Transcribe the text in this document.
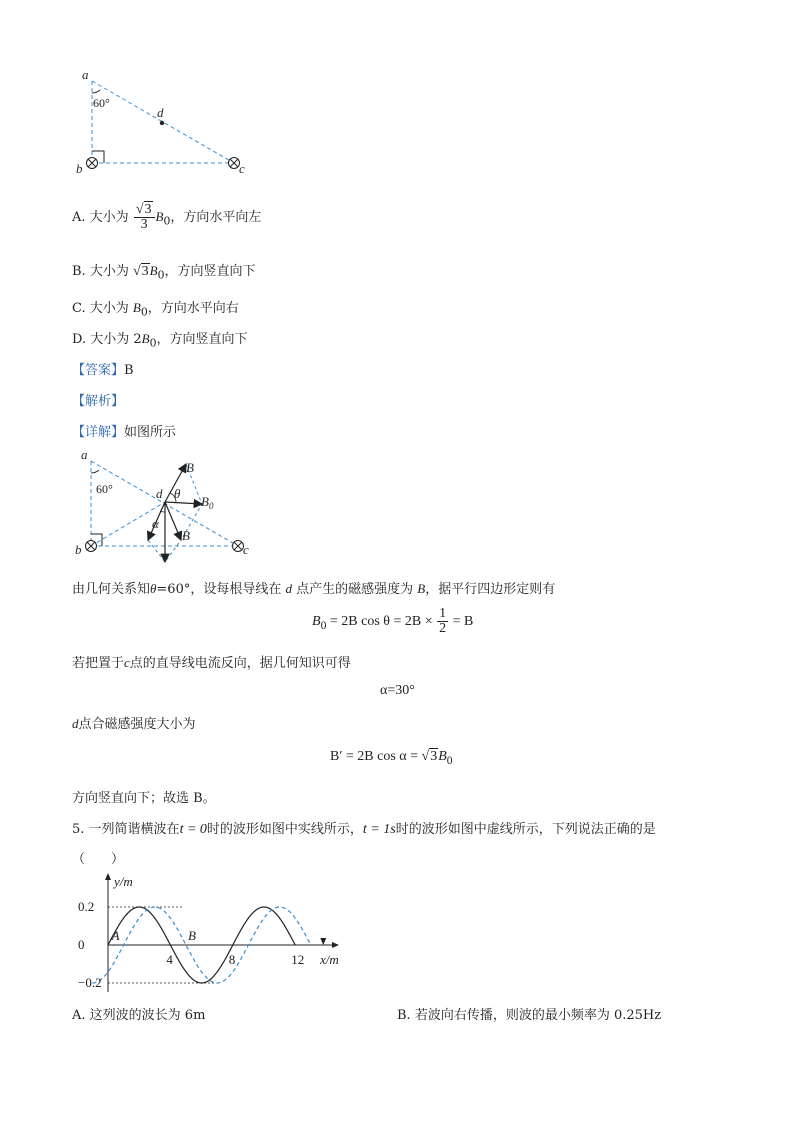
a
60°
d
b	c
A. 大小为 $\frac{√3}{3} B_0$，方向水平向左
B. 大小为 $√3B_0$，方向竖直向下
C. 大小为 $B_0$，方向水平向右
D. 大小为 $2B_0$，方向竖直向下
【答案】B
【解析】
【详解】如图所示
a
60°	d
B
θ
$B_0$
α
B
b	c
由几何关系知θ=60°，设每根导线在 d 点产生的磁感强度为 B，据平行四边形定则有
$B_0 = 2B$ $\cos \theta = 2B \times \frac{1}{2} = B$
若把置于c点的直导线电流反向，据几何知识可得
α=30°
d点合磁感强度大小为
B′ = 2B $\cos \alpha = √3B_0$
方向竖直向下；故选 B。
5. 一列简谐横波在t = 0时的波形如图中实线所示，t = 1s时的波形如图中虚线所示，下列说法正确的是
（　　）
0.2
0
−0.2
4	8	12
y/m
x/m
A	B
A. 这列波的波长为 6m	B. 若波向右传播，则波的最小频率为 0.25Hz
